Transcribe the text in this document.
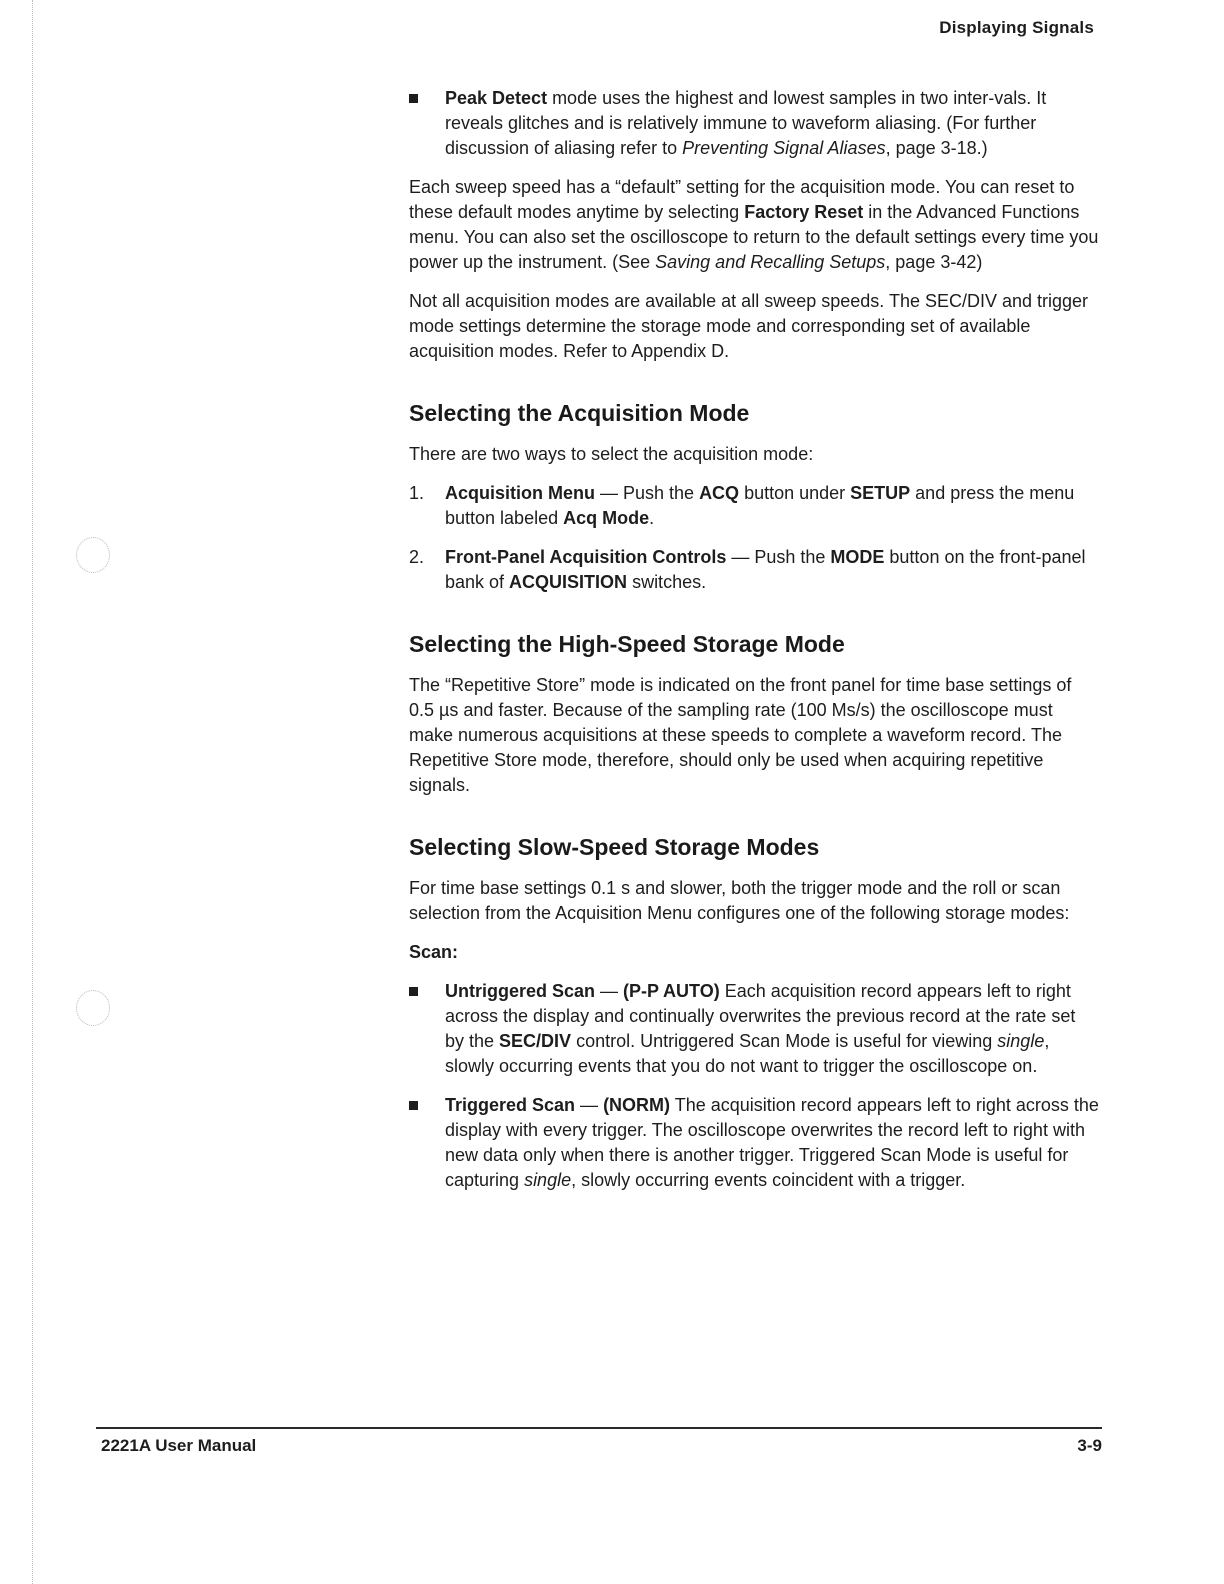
Displaying Signals
Peak Detect mode uses the highest and lowest samples in two inter-vals. It reveals glitches and is relatively immune to waveform aliasing. (For further discussion of aliasing refer to Preventing Signal Aliases, page 3-18.)

Each sweep speed has a “default” setting for the acquisition mode. You can reset to these default modes anytime by selecting Factory Reset in the Advanced Functions menu. You can also set the oscilloscope to return to the default settings every time you power up the instrument. (See Saving and Recalling Setups, page 3-42)

Not all acquisition modes are available at all sweep speeds. The SEC/DIV and trigger mode settings determine the storage mode and corresponding set of available acquisition modes. Refer to Appendix D.

Selecting the Acquisition Mode

There are two ways to select the acquisition mode:

1. Acquisition Menu — Push the ACQ button under SETUP and press the menu button labeled Acq Mode.
2. Front-Panel Acquisition Controls — Push the MODE button on the front-panel bank of ACQUISITION switches.
Selecting the High-Speed Storage Mode

The “Repetitive Store” mode is indicated on the front panel for time base settings of 0.5 µs and faster. Because of the sampling rate (100 Ms/s) the oscilloscope must make numerous acquisitions at these speeds to complete a waveform record. The Repetitive Store mode, therefore, should only be used when acquiring repetitive signals.

Selecting Slow-Speed Storage Modes

For time base settings 0.1 s and slower, both the trigger mode and the roll or scan selection from the Acquisition Menu configures one of the following storage modes:

Scan:
Untriggered Scan — (P-P AUTO) Each acquisition record appears left to right across the display and continually overwrites the previous record at the rate set by the SEC/DIV control. Untriggered Scan Mode is useful for viewing single, slowly occurring events that you do not want to trigger the oscilloscope on.
Triggered Scan — (NORM) The acquisition record appears left to right across the display with every trigger. The oscilloscope overwrites the record left to right with new data only when there is another trigger. Triggered Scan Mode is useful for capturing single, slowly occurring events coincident with a trigger.
2221A User Manual	3-9
